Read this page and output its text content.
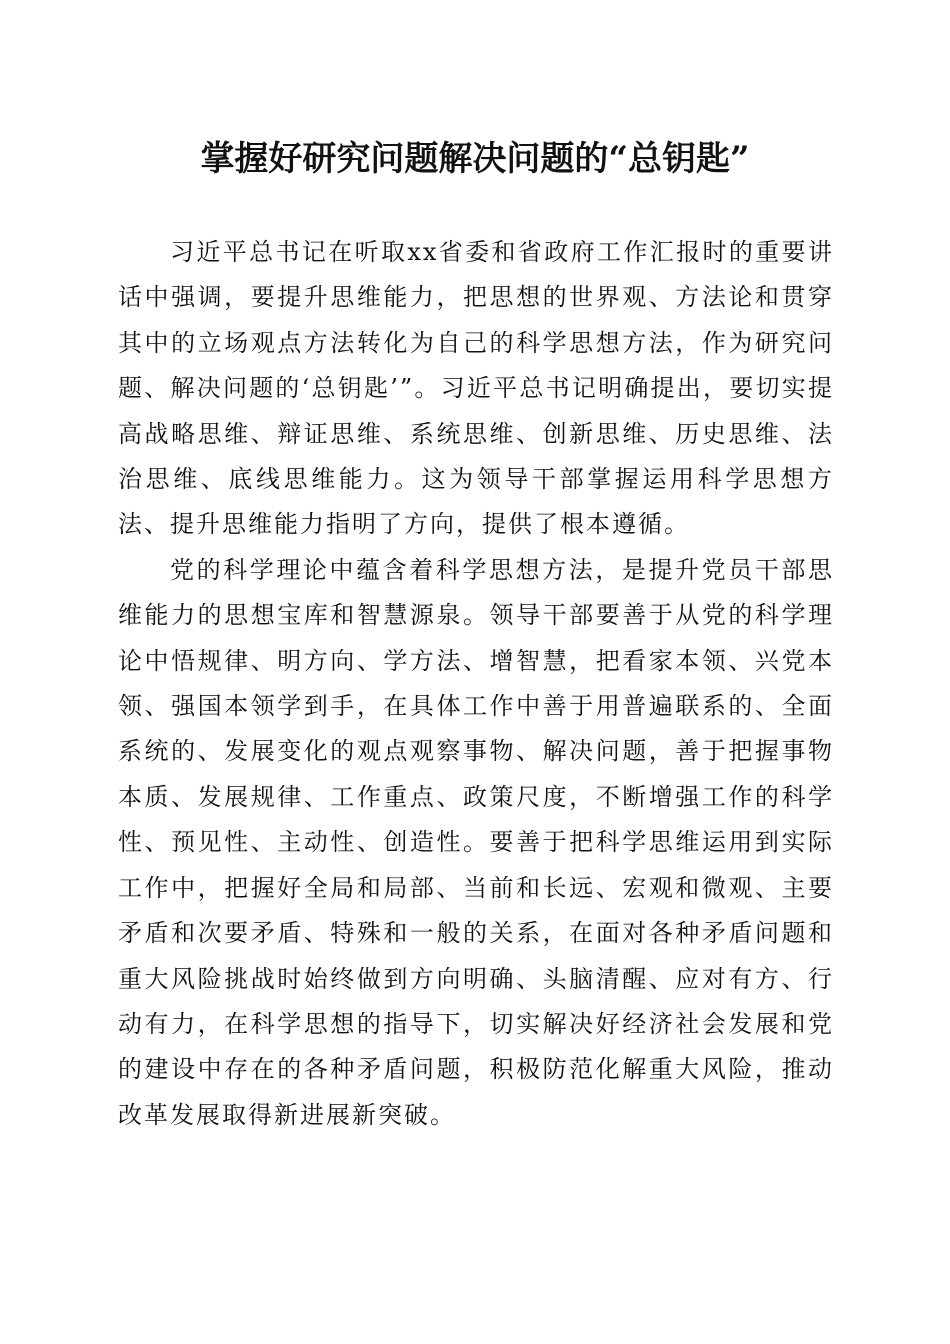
掌握好研究问题解决问题的“总钥匙”

习近平总书记在听取xx省委和省政府工作汇报时的重要讲话中强调，要提升思维能力，把思想的世界观、方法论和贯穿其中的立场观点方法转化为自己的科学思想方法，作为研究问题、解决问题的‘总钥匙’”。习近平总书记明确提出，要切实提高战略思维、辩证思维、系统思维、创新思维、历史思维、法治思维、底线思维能力。这为领导干部掌握运用科学思想方法、提升思维能力指明了方向，提供了根本遵循。

党的科学理论中蕴含着科学思想方法，是提升党员干部思维能力的思想宝库和智慧源泉。领导干部要善于从党的科学理论中悟规律、明方向、学方法、增智慧，把看家本领、兴党本领、强国本领学到手，在具体工作中善于用普遍联系的、全面系统的、发展变化的观点观察事物、解决问题，善于把握事物本质、发展规律、工作重点、政策尺度，不断增强工作的科学性、预见性、主动性、创造性。要善于把科学思维运用到实际工作中，把握好全局和局部、当前和长远、宏观和微观、主要矛盾和次要矛盾、特殊和一般的关系，在面对各种矛盾问题和重大风险挑战时始终做到方向明确、头脑清醒、应对有方、行动有力，在科学思想的指导下，切实解决好经济社会发展和党的建设中存在的各种矛盾问题，积极防范化解重大风险，推动改革发展取得新进展新突破。
